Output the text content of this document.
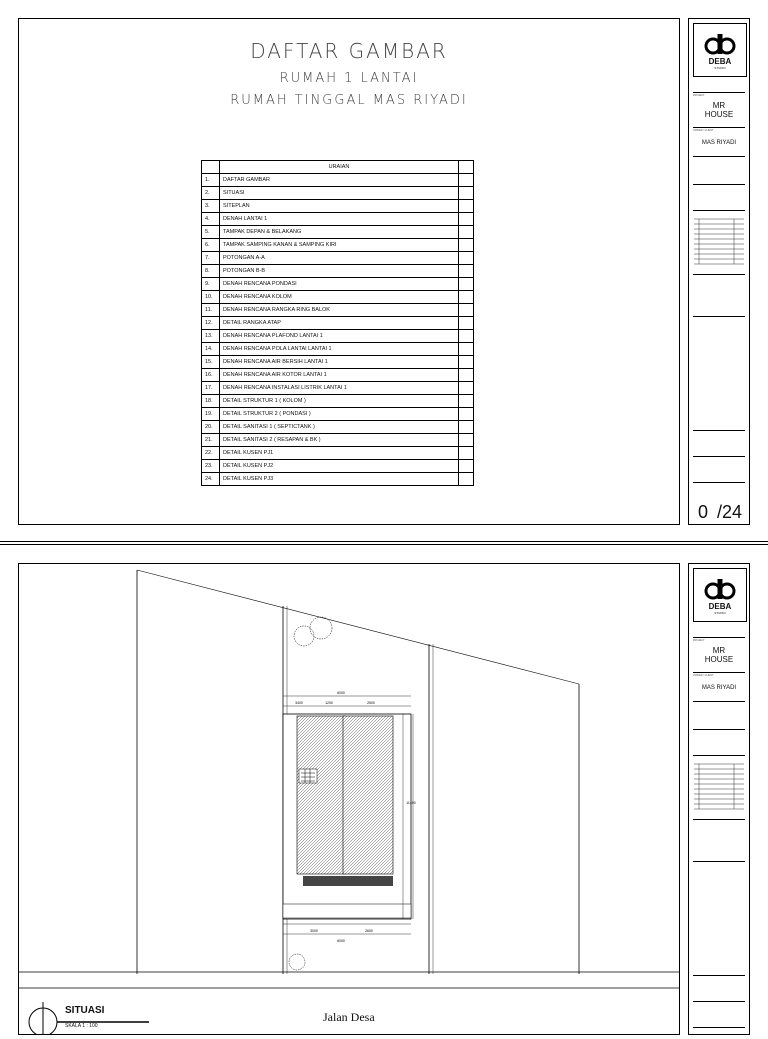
DAFTAR GAMBAR
RUMAH 1 LANTAI
RUMAH TINGGAL MAS RIYADI
	URAIAN	
1.	DAFTAR GAMBAR	
2.	SITUASI	
3.	SITEPLAN	
4.	DENAH LANTAI 1	
5.	TAMPAK DEPAN & BELAKANG	
6.	TAMPAK SAMPING KANAN & SAMPING KIRI	
7.	POTONGAN A-A	
8.	POTONGAN B-B	
9.	DENAH RENCANA PONDASI	
10.	DENAH RENCANA KOLOM	
11.	DENAH RENCANA RANGKA RING BALOK	
12.	DETAIL RANGKA ATAP	
13.	DENAH RENCANA PLAFOND LANTAI 1	
14.	DENAH RENCANA POLA LANTAI LANTAI 1	
15.	DENAH RENCANA AIR BERSIH LANTAI 1	
16.	DENAH RENCANA AIR KOTOR LANTAI 1	
17.	DENAH RENCANA INSTALASI LISTRIK LANTAI 1	
18.	DETAIL STRUKTUR 1 ( KOLOM )	
19.	DETAIL STRUKTUR 2 ( PONDASI )	
20.	DETAIL SANITASI 1 ( SEPTICTANK )	
21.	DETAIL SANITASI 2 ( RESAPAN & BK )	
22.	DETAIL KUSEN PJ1	
23.	DETAIL KUSEN PJ2	
24.	DETAIL KUSEN PJ3	
DEBA
STUDIO
PROJECT
MR
HOUSE
OWNER / CLIENT
MAS RIYADI
0 /24
6000
3400	1200	2500
3000	2600
11400
6000
SITUASI
SKALA 1 : 100
Jalan Desa
DEBA
STUDIO
PROJECT
MR
HOUSE
OWNER / CLIENT
MAS RIYADI
